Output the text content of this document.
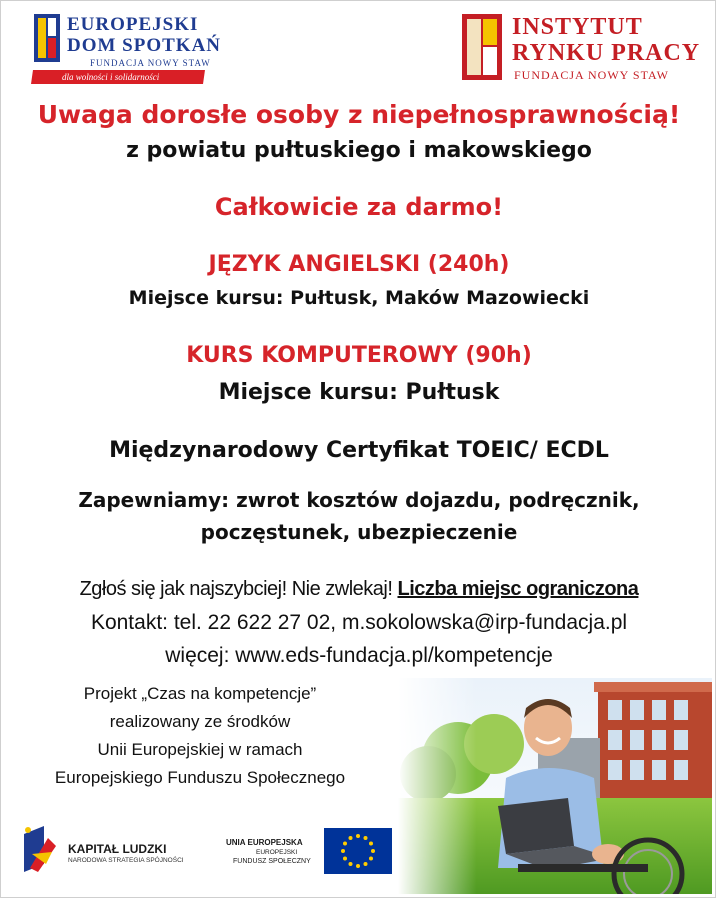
EUROPEJSKI
DOM SPOTKAŃ
FUNDACJA NOWY STAW
dla wolności i solidarności
INSTYTUT
RYNKU PRACY
FUNDACJA NOWY STAW
Uwaga dorosłe osoby z niepełnosprawnością!
z powiatu pułtuskiego i makowskiego
Całkowicie za darmo!
JĘZYK ANGIELSKI (240h)
Miejsce kursu: Pułtusk, Maków Mazowiecki
KURS KOMPUTEROWY (90h)
Miejsce kursu: Pułtusk
Międzynarodowy Certyfikat TOEIC/ ECDL
Zapewniamy: zwrot kosztów dojazdu, podręcznik,
poczęstunek, ubezpieczenie
Zgłoś się jak najszybciej! Nie zwlekaj! Liczba miejsc ograniczona
Kontakt: tel. 22 622 27 02, m.sokolowska@irp-fundacja.pl
więcej: www.eds-fundacja.pl/kompetencje
Projekt „Czas na kompetencje”
realizowany ze środków
Unii Europejskiej w ramach
Europejskiego Funduszu Społecznego
KAPITAŁ LUDZKI
NARODOWA STRATEGIA SPÓJNOŚCI
UNIA EUROPEJSKA
EUROPEJSKI
FUNDUSZ SPOŁECZNY
